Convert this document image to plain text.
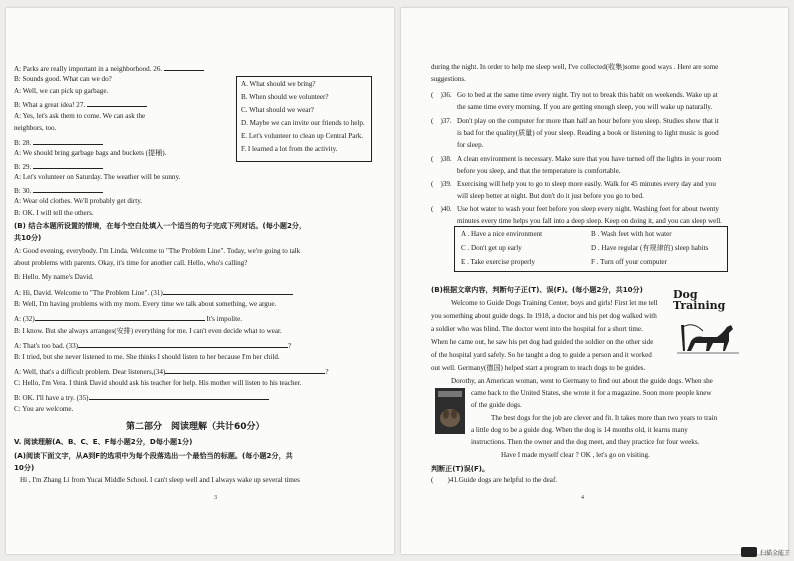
A: Parks are really important in a neighborhood. 26.
B: Sounds good. What can we do?
A: Well, we can pick up garbage.
B: What a great idea! 27.
A: Yes, let's ask them to come. We can ask the
neighbors, too.
B: 28.
A: We should bring garbage bags and buckets (提桶).
B: 29.
A: Let's volunteer on Saturday. The weather will be sunny.
B: 30.
A: Wear old clothes. We'll probably get dirty.
B: OK. I will tell the others.
A. What should we bring?
B. When should we volunteer?
C. What should we wear?
D. Maybe we can invite our friends to help.
E. Let's volunteer to clean up Central Park.
F. I learned a lot from the activity.
(B) 结合本题所设置的情境，在每个空白处填入一个适当的句子完成下列对话。(每小题2分，
共10分)
A: Good evening, everybody. I'm Linda. Welcome to "The Problem Line". Today, we're going to talk
about problems with parents. Okay, it's time for another call. Hello, who's calling?
B: Hello. My name's David.
A: Hi, David. Welcome to "The Problem Line". (31)
B: Well, I'm having problems with my mom. Every time we talk about something, we argue.
A: (32)	It's impolite.
B: I know. But she always arranges(安排) everything for me. I can't even decide what to wear.
A: That's too bad. (33)	?
B: I tried, but she never listened to me. She thinks I should listen to her because I'm her child.
A: Well, that's a difficult problem. Dear listeners,(34)	?
C: Hello, I'm Vera. I think David should ask his teacher for help. His mother will listen to his teacher.
B: OK. I'll have a try. (35)
C: You are welcome.
第二部分　阅读理解（共计60分）
V. 阅读理解(A、B、C、E、F每小题2分，D每小题1分)
(A)阅读下面文字，从A到F的选项中为每个段落选出一个最恰当的标题。(每小题2分，共
10分)
Hi , I'm Zhang Li from Yucai Middle School. I can't sleep well and I always wake up several times
3
during the night. In order to help me sleep well, I've collected(收集)some good ways . Here are some
suggestions.
(　)36. Go to bed at the same time every night. Try not to break this habit on weekends. Wake up at
the same time every morning. If you are getting enough sleep, you will wake up naturally.
(　)37. Don't play on the computer for more than half an hour before you sleep. Studies show that it
is bad for the quality(质量) of your sleep. Reading a book or listening to light music is good
for sleep.
(　)38. A clean environment is necessary. Make sure that you have turned off the lights in your room
before you sleep, and that the temperature is comfortable.
(　)39. Exercising will help you to go to sleep more easily. Walk for 45 minutes every day and you
will sleep better at night. But don't do it just before you go to bed.
(　)40. Use hot water to wash your feet before you sleep every night. Washing feet for about twenty
minutes every time helps you fall into a deep sleep. Keep on doing it, and you can sleep well.
A . Have a nice environment	B . Wash feet with hot water
C . Don't get up early	D . Have regular (有规律的) sleep habits
E . Take exercise properly	F . Turn off your computer
(B)根据文章内容，判断句子正(T)、误(F)。(每小题2分，共10分)	Dog
Training
Welcome to Guide Dogs Training Center, boys and girls! First let me tell
you something about guide dogs. In 1918, a doctor and his pet dog walked with
a soldier who was blind. The doctor went into the hospital for a short time.
When he came out, he saw his pet dog had guided the soldier on the other side
of the hospital yard safely. So he taught a dog to guide a person and it worked
out well. Germany(德国) helped start a program to teach dogs to be guides.
Dorothy, an American woman, went to Germany to find out about the guide dogs. When she
came back to the United States, she wrote it for a magazine. Soon more people knew
of the guide dogs.
The best dogs for the job are clever and fit. It takes more than two years to train
a little dog to be a guide dog. When the dog is 14 months old, it learns many
instructions. Then the owner and the dog meet, and they practice for four weeks.
Have I made myself clear ? OK , let's go on visiting.
判断正(T)误(F)。
(　　)41.Guide dogs are helpful to the deaf.
4
扫描全能王
